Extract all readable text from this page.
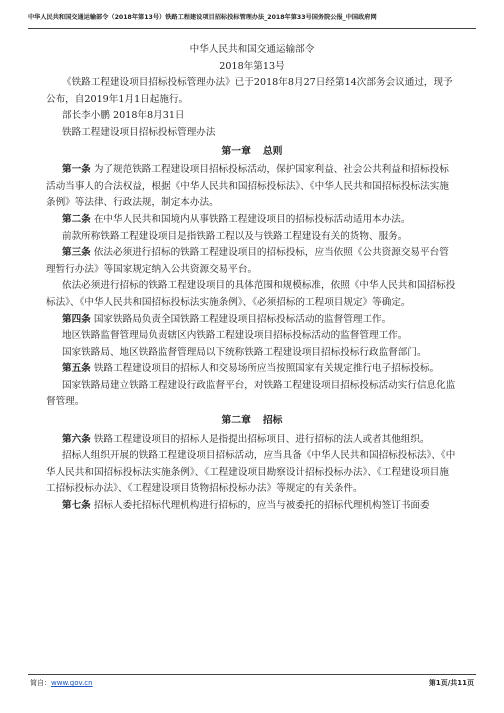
中华人民共和国交通运输部令（2018年第13号）铁路工程建设项目招标投标管理办法_2018年第33号国务院公报_中国政府网

中华人民共和国交通运输部令

2018年第13号

《铁路工程建设项目招标投标管理办法》已于2018年8月27日经第14次部务会议通过，现予公布，自2019年1月1日起施行。

部长李小鹏 2018年8月31日

铁路工程建设项目招标投标管理办法

第一章 总则

第一条 为了规范铁路工程建设项目招标投标活动，保护国家利益、社会公共利益和招标投标活动当事人的合法权益，根据《中华人民共和国招标投标法》、《中华人民共和国招标投标法实施条例》等法律、行政法规，制定本办法。

第二条 在中华人民共和国境内从事铁路工程建设项目的招标投标活动适用本办法。

前款所称铁路工程建设项目是指铁路工程以及与铁路工程建设有关的货物、服务。

第三条 依法必须进行招标的铁路工程建设项目的招标投标，应当依照《公共资源交易平台管理暂行办法》等国家规定纳入公共资源交易平台。

依法必须进行招标的铁路工程建设项目的具体范围和规模标准，依照《中华人民共和国招标投标法》、《中华人民共和国招标投标法实施条例》、《必须招标的工程项目规定》等确定。

第四条 国家铁路局负责全国铁路工程建设项目招标投标活动的监督管理工作。

地区铁路监督管理局负责辖区内铁路工程建设项目招标投标活动的监督管理工作。

国家铁路局、地区铁路监督管理局以下统称铁路工程建设项目招标投标行政监督部门。

第五条 铁路工程建设项目的招标人和交易场所应当按照国家有关规定推行电子招标投标。

国家铁路局建立铁路工程建设行政监督平台，对铁路工程建设项目招标投标活动实行信息化监督管理。

第二章 招标

第六条 铁路工程建设项目的招标人是指提出招标项目、进行招标的法人或者其他组织。

招标人组织开展的铁路工程建设项目招标活动，应当具备《中华人民共和国招标投标法》、《中华人民共和国招标投标法实施条例》、《工程建设项目勘察设计招标投标办法》、《工程建设项目施工招标投标办法》、《工程建设项目货物招标投标办法》等规定的有关条件。

第七条 招标人委托招标代理机构进行招标的，应当与被委托的招标代理机构签订书面委

简自：www.gov.cn	第1页/共11页
